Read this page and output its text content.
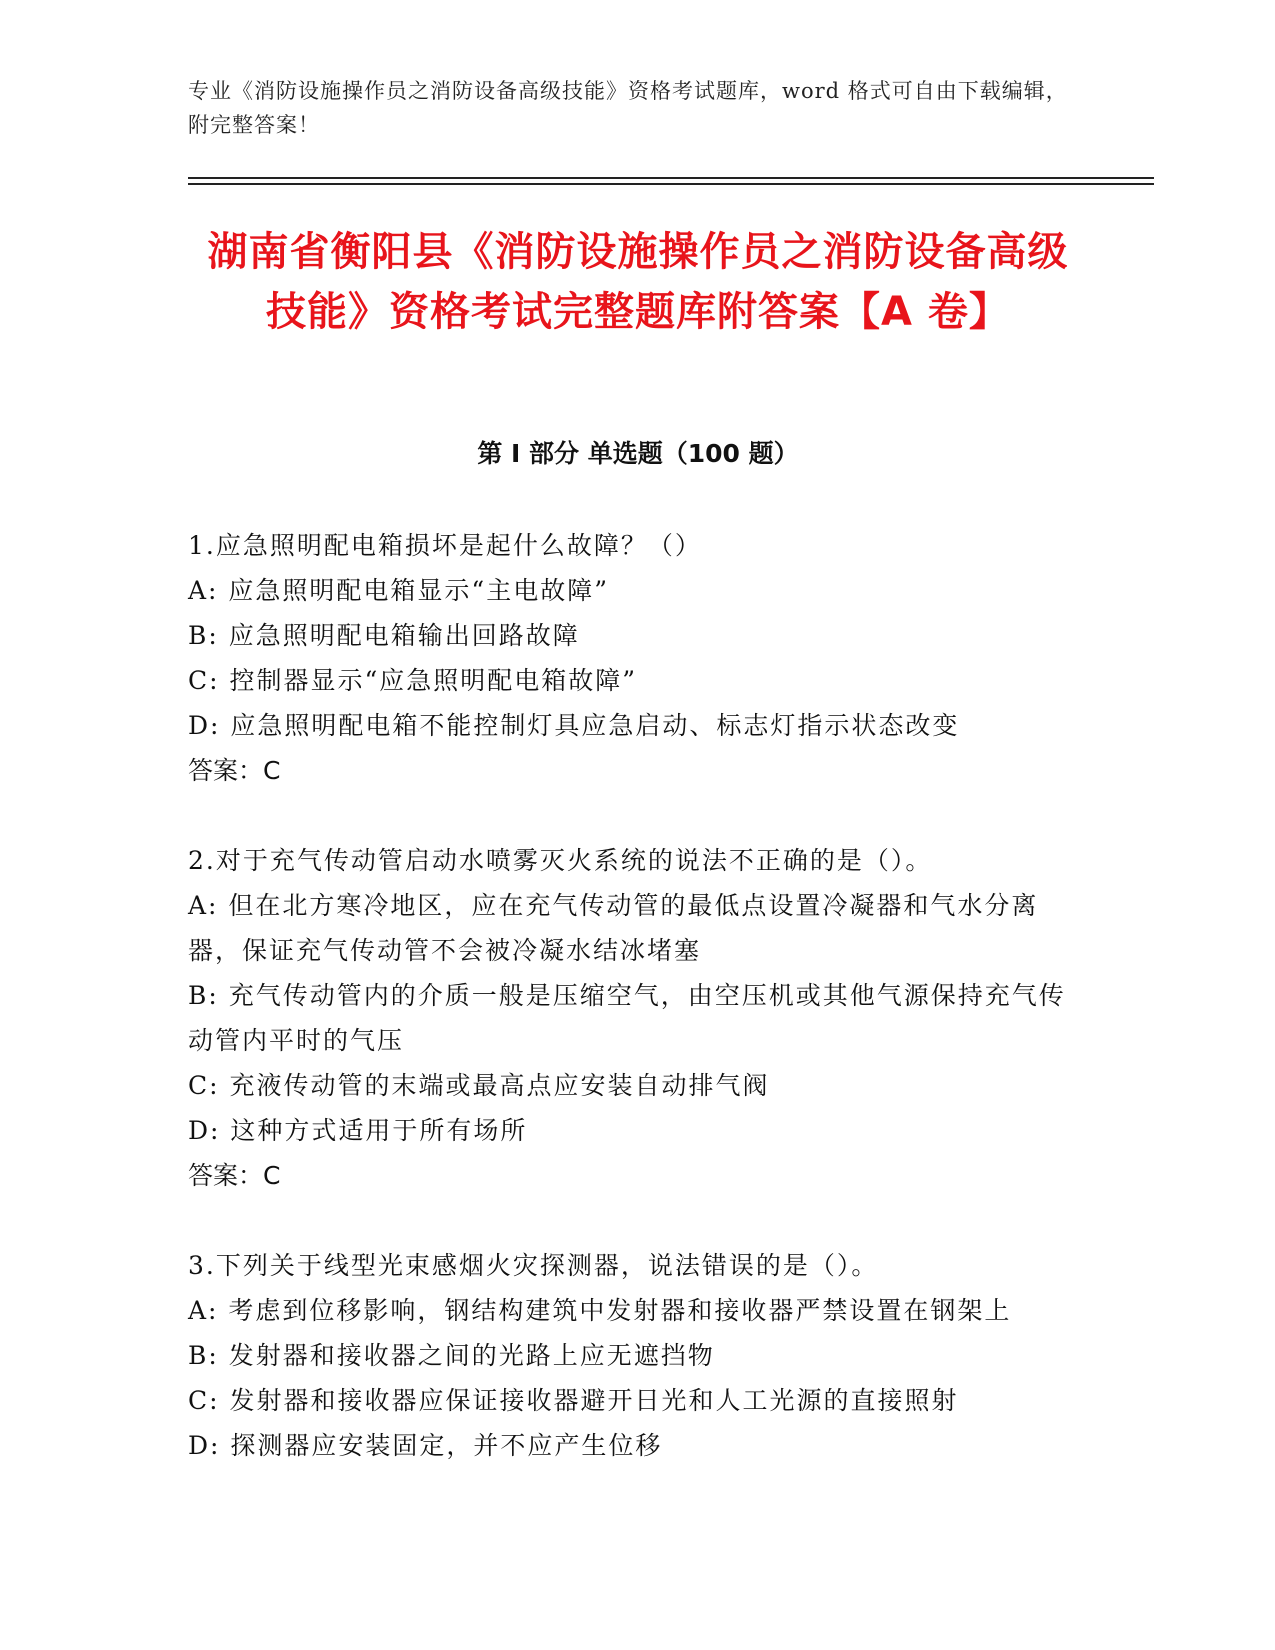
专业《消防设施操作员之消防设备高级技能》资格考试题库，word 格式可自由下载编辑，附完整答案！
湖南省衡阳县《消防设施操作员之消防设备高级技能》资格考试完整题库附答案【A 卷】
第 I 部分 单选题（100 题）

1.应急照明配电箱损坏是起什么故障？（）

A: 应急照明配电箱显示“主电故障”

B: 应急照明配电箱输出回路故障

C: 控制器显示“应急照明配电箱故障”

D: 应急照明配电箱不能控制灯具应急启动、标志灯指示状态改变

答案：C

2.对于充气传动管启动水喷雾灭火系统的说法不正确的是（）。

A: 但在北方寒冷地区，应在充气传动管的最低点设置冷凝器和气水分离器，保证充气传动管不会被冷凝水结冰堵塞

B: 充气传动管内的介质一般是压缩空气，由空压机或其他气源保持充气传动管内平时的气压

C: 充液传动管的末端或最高点应安装自动排气阀

D: 这种方式适用于所有场所

答案：C

3.下列关于线型光束感烟火灾探测器，说法错误的是（）。

A: 考虑到位移影响，钢结构建筑中发射器和接收器严禁设置在钢架上

B: 发射器和接收器之间的光路上应无遮挡物

C: 发射器和接收器应保证接收器避开日光和人工光源的直接照射

D: 探测器应安装固定，并不应产生位移
